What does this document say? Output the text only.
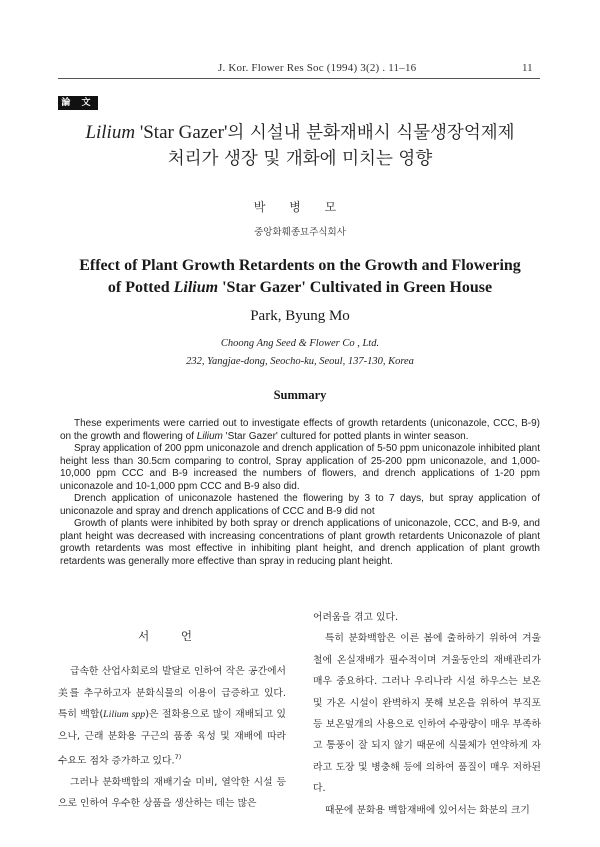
J. Kor. Flower Res Soc (1994) 3(2) . 11–16	11
論 文
Lilium 'Star Gazer'의 시설내 분화재배시 식물생장억제제
처리가 생장 및 개화에 미치는 영향
박 병 모
중앙화훼종묘주식회사
Effect of Plant Growth Retardents on the Growth and Flowering
of Potted Lilium 'Star Gazer' Cultivated in Green House
Park, Byung Mo
Choong Ang Seed & Flower Co , Ltd.
232, Yangjae-dong, Seocho-ku, Seoul, 137-130, Korea
Summary

These experiments were carried out to investigate effects of growth retardents (uniconazole, CCC, B-9) on the growth and flowering of Lilium 'Star Gazer' cultured for potted plants in winter season.

Spray application of 200 ppm uniconazole and drench application of 5-50 ppm uniconazole inhibited plant height less than 30.5cm comparing to control, Spray application of 25-200 ppm uniconazole, and 1,000-10,000 ppm CCC and B-9 increased the numbers of flowers, and drench applications of 1-20 ppm uniconazole and 10-1,000 ppm CCC and B-9 also did.

Drench application of uniconazole hastened the flowering by 3 to 7 days, but spray application of uniconazole and spray and drench applications of CCC and B-9 did not

Growth of plants were inhibited by both spray or drench applications of uniconazole, CCC, and B-9, and plant height was decreased with increasing concentrations of plant growth retardents Uniconazole of plant growth retardents was most effective in inhibiting plant height, and drench application of plant growth retardents was generally more effective than spray in reducing plant height.

서 언

급속한 산업사회로의 발달로 인하여 작은 공간에서 美를 추구하고자 분화식물의 이용이 급증하고 있다. 특히 백합(Lilium spp)은 절화용으로 많이 재배되고 있으나, 근래 분화용 구근의 품종 육성 및 재배에 따라 수요도 점차 증가하고 있다.$^{7)}$

그러나 분화백합의 재배기술 미비, 열악한 시설 등으로 인하여 우수한 상품을 생산하는 데는 많은

어려움을 겪고 있다.

특히 분화백합은 이른 봄에 출하하기 위하여 겨울철에 온실재배가 필수적이며 겨울동안의 재배관리가 매우 중요하다. 그러나 우리나라 시설 하우스는 보온 및 가온 시설이 완벽하지 못해 보온을 위하여 부직포등 보온덮개의 사용으로 인하여 수광량이 매우 부족하고 통풍이 잘 되지 않기 때문에 식물체가 연약하게 자라고 도장 및 병충해 등에 의하여 품질이 매우 저하된다.

때문에 분화용 백합재배에 있어서는 화분의 크기
